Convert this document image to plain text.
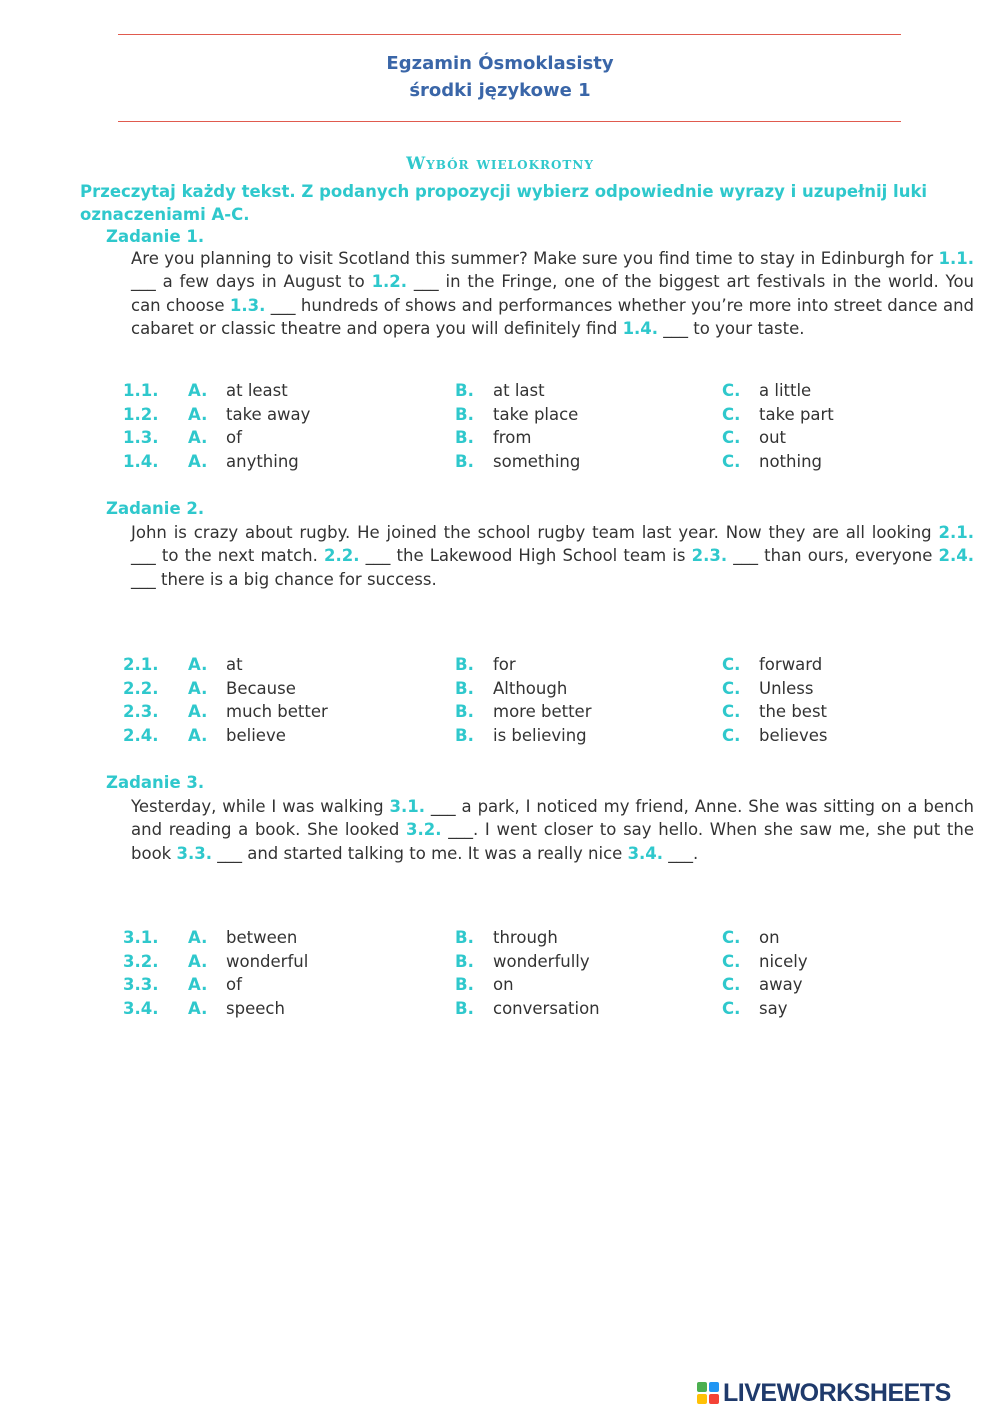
Egzamin Ósmoklasisty
środki językowe 1
Wybór wielokrotny
Przeczytaj każdy tekst. Z podanych propozycji wybierz odpowiednie wyrazy i uzupełnij luki oznaczeniami A-C.
Zadanie 1.
Are you planning to visit Scotland this summer? Make sure you find time to stay in Edinburgh for 1.1. ___ a few days in August to 1.2. ___ in the Fringe, one of the biggest art festivals in the world. You can choose 1.3. ___ hundreds of shows and performances whether you’re more into street dance and cabaret or classic theatre and opera you will definitely find 1.4. ___ to your taste.
1.1. A. at least	B. at last	C. a little
1.2. A. take away	B. take place	C. take part
1.3. A. of	B. from	C. out
1.4. A. anything	B. something	C. nothing
Zadanie 2.
John is crazy about rugby. He joined the school rugby team last year. Now they are all looking 2.1. ___ to the next match. 2.2. ___ the Lakewood High School team is 2.3. ___ than ours, everyone 2.4. ___ there is a big chance for success.
2.1. A. at	B. for	C. forward
2.2. A. Because	B. Although	C. Unless
2.3. A. much better	B. more better	C. the best
2.4. A. believe	B. is believing	C. believes
Zadanie 3.
Yesterday, while I was walking 3.1. ___ a park, I noticed my friend, Anne. She was sitting on a bench and reading a book. She looked 3.2. ___. I went closer to say hello. When she saw me, she put the book 3.3. ___ and started talking to me. It was a really nice 3.4. ___.
3.1. A. between	B. through	C. on
3.2. A. wonderful	B. wonderfully	C. nicely
3.3. A. of	B. on	C. away
3.4. A. speech	B. conversation	C. say
LIVEWORKSHEETS
